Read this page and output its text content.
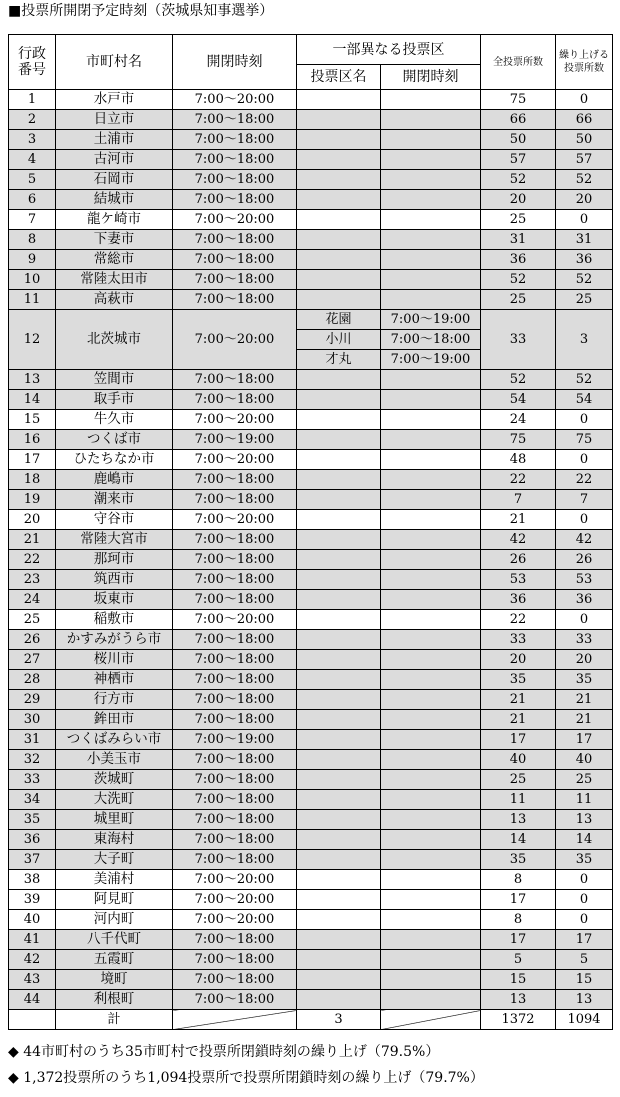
■投票所開閉予定時刻（茨城県知事選挙）
行政
番号	市町村名	開閉時刻	一部異なる投票区		全投票所数	繰り上げる
投票所数
			投票区名	開閉時刻		
1	水戸市	7:00～20:00			75	0
2	日立市	7:00～18:00			66	66
3	土浦市	7:00～18:00			50	50
4	古河市	7:00～18:00			57	57
5	石岡市	7:00～18:00			52	52
6	結城市	7:00～18:00			20	20
7	龍ケ崎市	7:00～20:00			25	0
8	下妻市	7:00～18:00			31	31
9	常総市	7:00～18:00			36	36
10	常陸太田市	7:00～18:00			52	52
11	高萩市	7:00～18:00			25	25
12	北茨城市	7:00～20:00	花園	7:00～19:00	33	3
			小川	7:00～18:00		
			才丸	7:00～19:00		
13	笠間市	7:00～18:00			52	52
14	取手市	7:00～18:00			54	54
15	牛久市	7:00～20:00			24	0
16	つくば市	7:00～19:00			75	75
17	ひたちなか市	7:00～20:00			48	0
18	鹿嶋市	7:00～18:00			22	22
19	潮来市	7:00～18:00			7	7
20	守谷市	7:00～20:00			21	0
21	常陸大宮市	7:00～18:00			42	42
22	那珂市	7:00～18:00			26	26
23	筑西市	7:00～18:00			53	53
24	坂東市	7:00～18:00			36	36
25	稲敷市	7:00～20:00			22	0
26	かすみがうら市	7:00～18:00			33	33
27	桜川市	7:00～18:00			20	20
28	神栖市	7:00～18:00			35	35
29	行方市	7:00～18:00			21	21
30	鉾田市	7:00～18:00			21	21
31	つくばみらい市	7:00～19:00			17	17
32	小美玉市	7:00～18:00			40	40
33	茨城町	7:00～18:00			25	25
34	大洗町	7:00～18:00			11	11
35	城里町	7:00～18:00			13	13
36	東海村	7:00～18:00			14	14
37	大子町	7:00～18:00			35	35
38	美浦村	7:00～20:00			8	0
39	阿見町	7:00～20:00			17	0
40	河内町	7:00～20:00			8	0
41	八千代町	7:00～18:00			17	17
42	五霞町	7:00～18:00			5	5
43	境町	7:00～18:00			15	15
44	利根町	7:00～18:00			13	13
	計		3		1372	1094
◆ 44市町村のうち35市町村で投票所閉鎖時刻の繰り上げ（79.5%）
◆ 1,372投票所のうち1,094投票所で投票所閉鎖時刻の繰り上げ（79.7%）
